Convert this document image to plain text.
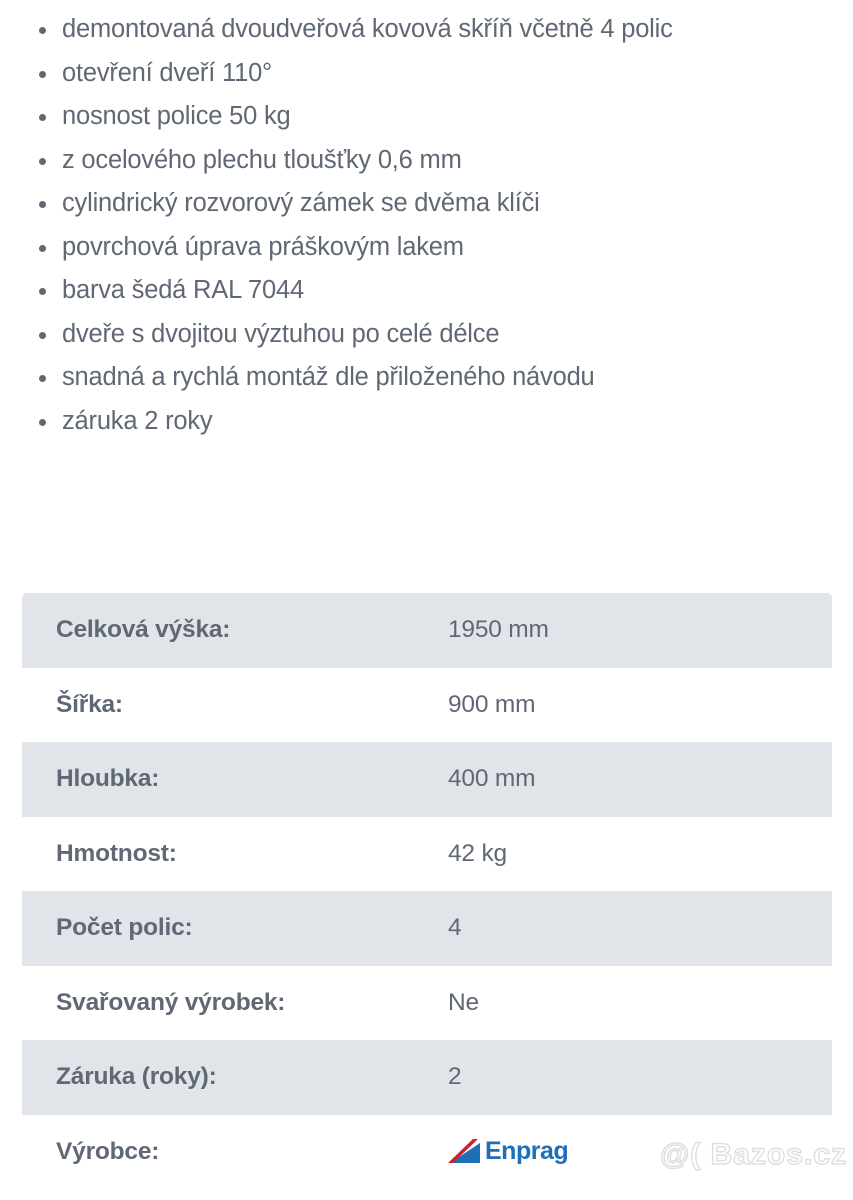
demontovaná dvoudveřová kovová skříň včetně 4 polic
otevření dveří 110°
nosnost police 50 kg
z ocelového plechu tloušťky 0,6 mm
cylindrický rozvorový zámek se dvěma klíči
povrchová úprava práškovým lakem
barva šedá RAL 7044
dveře s dvojitou výztuhou po celé délce
snadná a rychlá montáž dle přiloženého návodu
záruka 2 roky
Celková výška:	1950 mm
Šířka:	900 mm
Hloubka:	400 mm
Hmotnost:	42 kg
Počet polic:	4
Svařovaný výrobek:	Ne
Záruka (roky):	2
Výrobce:	Enprag	@( Bazos.cz
